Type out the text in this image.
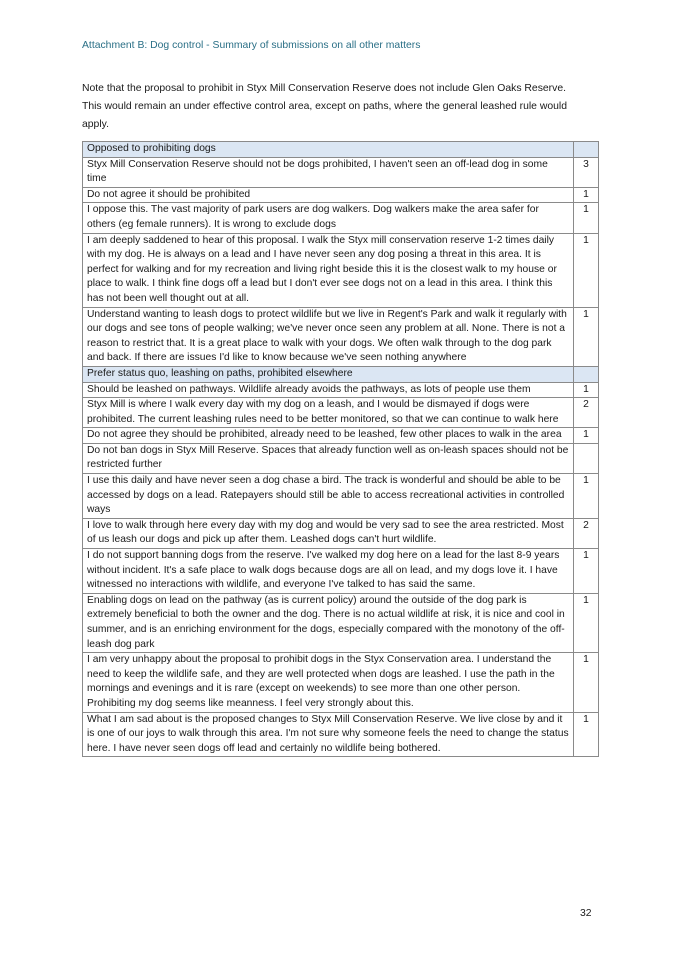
Attachment B: Dog control - Summary of submissions on all other matters
Note that the proposal to prohibit in Styx Mill Conservation Reserve does not include Glen Oaks Reserve. This would remain an under effective control area, except on paths, where the general leashed rule would apply.
Opposed to prohibiting dogs	
Styx Mill Conservation Reserve should not be dogs prohibited, I haven't seen an off-lead dog in some time	3
Do not agree it should be prohibited	1
I oppose this. The vast majority of park users are dog walkers. Dog walkers make the area safer for others (eg female runners). It is wrong to exclude dogs	1
I am deeply saddened to hear of this proposal. I walk the Styx mill conservation reserve 1-2 times daily with my dog. He is always on a lead and I have never seen any dog posing a threat in this area. It is perfect for walking and for my recreation and living right beside this it is the closest walk to my house or place to walk. I think fine dogs off a lead but I don't ever see dogs not on a lead in this area. I think this has not been well thought out at all.	1
Understand wanting to leash dogs to protect wildlife but we live in Regent's Park and walk it regularly with our dogs and see tons of people walking; we've never once seen any problem at all. None. There is not a reason to restrict that. It is a great place to walk with your dogs. We often walk through to the dog park and back. If there are issues I'd like to know because we've seen nothing anywhere	1
Prefer status quo, leashing on paths, prohibited elsewhere	
Should be leashed on pathways. Wildlife already avoids the pathways, as lots of people use them	1
Styx Mill is where I walk every day with my dog on a leash, and I would be dismayed if dogs were prohibited. The current leashing rules need to be better monitored, so that we can continue to walk here	2
Do not agree they should be prohibited, already need to be leashed, few other places to walk in the area	1
Do not ban dogs in Styx Mill Reserve. Spaces that already function well as on-leash spaces should not be restricted further	
I use this daily and have never seen a dog chase a bird. The track is wonderful and should be able to be accessed by dogs on a lead. Ratepayers should still be able to access recreational activities in controlled ways	1
I love to walk through here every day with my dog and would be very sad to see the area restricted. Most of us leash our dogs and pick up after them. Leashed dogs can't hurt wildlife.	2
I do not support banning dogs from the reserve. I've walked my dog here on a lead for the last 8-9 years without incident. It's a safe place to walk dogs because dogs are all on lead, and my dogs love it. I have witnessed no interactions with wildlife, and everyone I've talked to has said the same.	1
Enabling dogs on lead on the pathway (as is current policy) around the outside of the dog park is extremely beneficial to both the owner and the dog. There is no actual wildlife at risk, it is nice and cool in summer, and is an enriching environment for the dogs, especially compared with the monotony of the off-leash dog park	1
I am very unhappy about the proposal to prohibit dogs in the Styx Conservation area. I understand the need to keep the wildlife safe, and they are well protected when dogs are leashed. I use the path in the mornings and evenings and it is rare (except on weekends) to see more than one other person. Prohibiting my dog seems like meanness. I feel very strongly about this.	1
What I am sad about is the proposed changes to Styx Mill Conservation Reserve. We live close by and it is one of our joys to walk through this area. I'm not sure why someone feels the need to change the status here. I have never seen dogs off lead and certainly no wildlife being bothered.	1
32
